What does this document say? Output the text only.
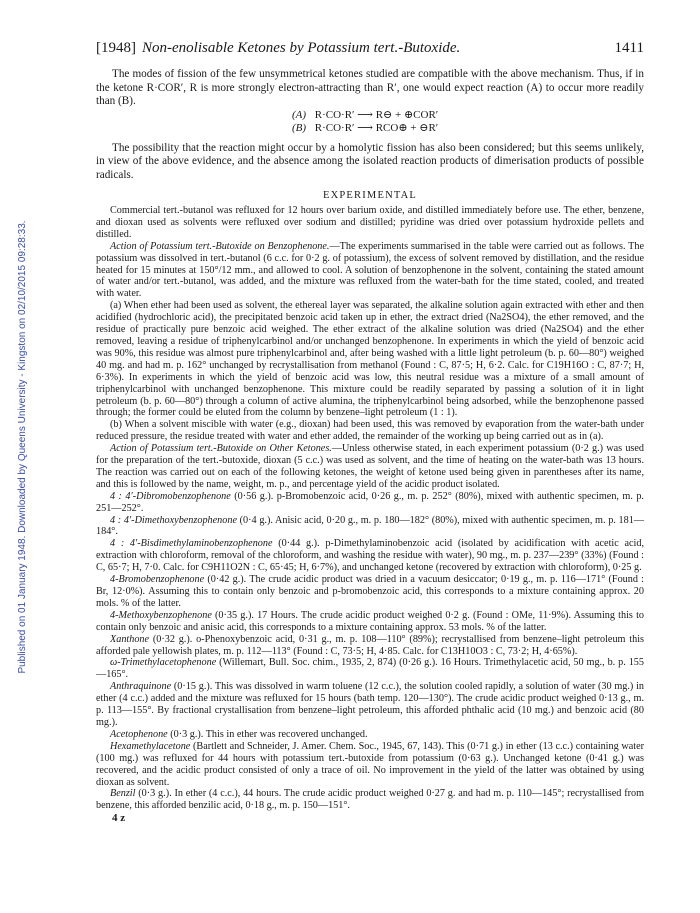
Published on 01 January 1948. Downloaded by Queens University - Kingston on 02/10/2015 09:28:33.
[1948] Non-enolisable Ketones by Potassium tert.-Butoxide.	1411

The modes of fission of the few unsymmetrical ketones studied are compatible with the above mechanism. Thus, if in the ketone R·COR′, R is more strongly electron-attracting than R′, one would expect reaction (A) to occur more readily than (B).

(A) R·CO·R′ ⟶ R⊖ + ⊕COR′
(B) R·CO·R′ ⟶ RCO⊕ + ⊖R′

The possibility that the reaction might occur by a homolytic fission has also been considered; but this seems unlikely, in view of the above evidence, and the absence among the isolated reaction products of dimerisation products of possible radicals.

EXPERIMENTAL

Commercial tert.-butanol was refluxed for 12 hours over barium oxide, and distilled immediately before use. The ether, benzene, and dioxan used as solvents were refluxed over sodium and distilled; pyridine was dried over potassium hydroxide pellets and distilled.

Action of Potassium tert.-Butoxide on Benzophenone.—The experiments summarised in the table were carried out as follows. The potassium was dissolved in tert.-butanol (6 c.c. for 0·2 g. of potassium), the excess of solvent removed by distillation, and the residue heated for 15 minutes at 150°/12 mm., and allowed to cool. A solution of benzophenone in the solvent, containing the stated amount of water and/or tert.-butanol, was added, and the mixture was refluxed from the water-bath for the time stated, cooled, and treated with water.

(a) When ether had been used as solvent, the ethereal layer was separated, the alkaline solution again extracted with ether and then acidified (hydrochloric acid), the precipitated benzoic acid taken up in ether, the extract dried (Na2SO4), the ether removed, and the residue of practically pure benzoic acid weighed. The ether extract of the alkaline solution was dried (Na2SO4) and the ether removed, leaving a residue of triphenylcarbinol and/or unchanged benzophenone. In experiments in which the yield of benzoic acid was 90%, this residue was almost pure triphenylcarbinol and, after being washed with a little light petroleum (b. p. 60—80°) weighed 40 mg. and had m. p. 162° unchanged by recrystallisation from methanol (Found : C, 87·5; H, 6·2. Calc. for C19H16O : C, 87·7; H, 6·3%). In experiments in which the yield of benzoic acid was low, this neutral residue was a mixture of a small amount of triphenylcarbinol with unchanged benzophenone. This mixture could be readily separated by passing a solution of it in light petroleum (b. p. 60—80°) through a column of active alumina, the triphenylcarbinol being adsorbed, while the benzophenone passed through; the former could be eluted from the column by benzene–light petroleum (1 : 1).

(b) When a solvent miscible with water (e.g., dioxan) had been used, this was removed by evaporation from the water-bath under reduced pressure, the residue treated with water and ether added, the remainder of the working up being carried out as in (a).

Action of Potassium tert.-Butoxide on Other Ketones.—Unless otherwise stated, in each experiment potassium (0·2 g.) was used for the preparation of the tert.-butoxide, dioxan (5 c.c.) was used as solvent, and the time of heating on the water-bath was 13 hours. The reaction was carried out on each of the following ketones, the weight of ketone used being given in parentheses after its name, and this is followed by the name, weight, m. p., and percentage yield of the acidic product isolated.

4 : 4′-Dibromobenzophenone (0·56 g.). p-Bromobenzoic acid, 0·26 g., m. p. 252° (80%), mixed with authentic specimen, m. p. 251—252°.

4 : 4′-Dimethoxybenzophenone (0·4 g.). Anisic acid, 0·20 g., m. p. 180—182° (80%), mixed with authentic specimen, m. p. 181—184°.

4 : 4′-Bisdimethylaminobenzophenone (0·44 g.). p-Dimethylaminobenzoic acid (isolated by acidification with acetic acid, extraction with chloroform, removal of the chloroform, and washing the residue with water), 90 mg., m. p. 237—239° (33%) (Found : C, 65·7; H, 7·0. Calc. for C9H11O2N : C, 65·45; H, 6·7%), and unchanged ketone (recovered by extraction with chloroform), 0·25 g.

4-Bromobenzophenone (0·42 g.). The crude acidic product was dried in a vacuum desiccator; 0·19 g., m. p. 116—171° (Found : Br, 12·0%). Assuming this to contain only benzoic and p-bromobenzoic acid, this corresponds to a mixture containing approx. 20 mols. % of the latter.

4-Methoxybenzophenone (0·35 g.). 17 Hours. The crude acidic product weighed 0·2 g. (Found : OMe, 11·9%). Assuming this to contain only benzoic and anisic acid, this corresponds to a mixture containing approx. 53 mols. % of the latter.

Xanthone (0·32 g.). o-Phenoxybenzoic acid, 0·31 g., m. p. 108—110° (89%); recrystallised from benzene–light petroleum this afforded pale yellowish plates, m. p. 112—113° (Found : C, 73·5; H, 4·85. Calc. for C13H10O3 : C, 73·2; H, 4·65%).

ω-Trimethylacetophenone (Willemart, Bull. Soc. chim., 1935, 2, 874) (0·26 g.). 16 Hours. Trimethylacetic acid, 50 mg., b. p. 155—165°.

Anthraquinone (0·15 g.). This was dissolved in warm toluene (12 c.c.), the solution cooled rapidly, a solution of water (30 mg.) in ether (4 c.c.) added and the mixture was refluxed for 15 hours (bath temp. 120—130°). The crude acidic product weighed 0·13 g., m. p. 113—155°. By fractional crystallisation from benzene–light petroleum, this afforded phthalic acid (10 mg.) and benzoic acid (80 mg.).

Acetophenone (0·3 g.). This in ether was recovered unchanged.

Hexamethylacetone (Bartlett and Schneider, J. Amer. Chem. Soc., 1945, 67, 143). This (0·71 g.) in ether (13 c.c.) containing water (100 mg.) was refluxed for 44 hours with potassium tert.-butoxide from potassium (0·63 g.). Unchanged ketone (0·41 g.) was recovered, and the acidic product consisted of only a trace of oil. No improvement in the yield of the latter was obtained by using dioxan as solvent.

Benzil (0·3 g.). In ether (4 c.c.), 44 hours. The crude acidic product weighed 0·27 g. and had m. p. 110—145°; recrystallised from benzene, this afforded benzilic acid, 0·18 g., m. p. 150—151°.

4 z
